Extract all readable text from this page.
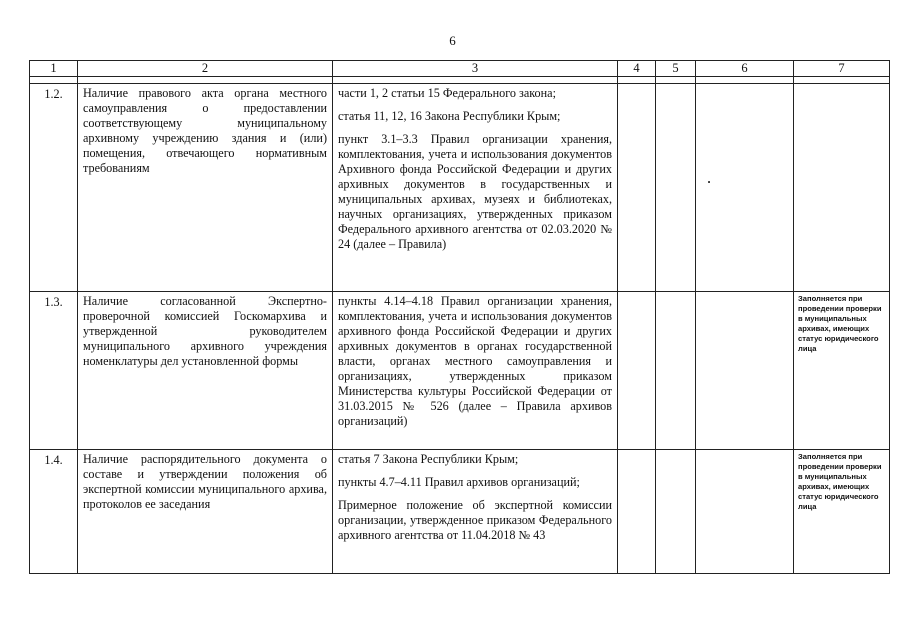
6
1	2	3	4	5	6	7

1.2.	Наличие правового акта органа местного самоуправления о предоставлении соответствующему муниципальному архивному учреждению здания и (или) помещения, отвечающего нормативным требованиям	части 1, 2 статьи 15 Федерального закона;

статья 11, 12, 16 Закона Республики Крым;

пункт 3.1–3.3 Правил организации хранения, комплектования, учета и использования документов Архивного фонда Российской Федерации и других архивных документов в государственных и муниципальных архивах, музеях и библиотеках, научных организациях, утвержденных приказом Федерального архивного агентства от 02.03.2020 № 24 (далее – Правила)			·	

1.3.	Наличие согласованной Экспертно-проверочной комиссией Госкомархива и утвержденной руководителем муниципального архивного учреждения номенклатуры дел установленной формы	пункты 4.14–4.18 Правил организации хранения, комплектования, учета и использования документов архивного фонда Российской Федерации и других архивных документов в органах государственной власти, органах местного самоуправления и организациях, утвержденных приказом Министерства культуры Российской Федерации от 31.03.2015 № 526 (далее – Правила архивов организаций)				Заполняется при проведении проверки в муниципальных архивах, имеющих статус юридического лица
1.4.	Наличие распорядительного документа о составе и утверждении положения об экспертной комиссии муниципального архива, протоколов ее заседания	статья 7 Закона Республики Крым;

пункты 4.7–4.11 Правил архивов организаций;

Примерное положение об экспертной комиссии организации, утвержденное приказом Федерального архивного агентства от 11.04.2018 № 43				Заполняется при проведении проверки в муниципальных архивах, имеющих статус юридического лица
